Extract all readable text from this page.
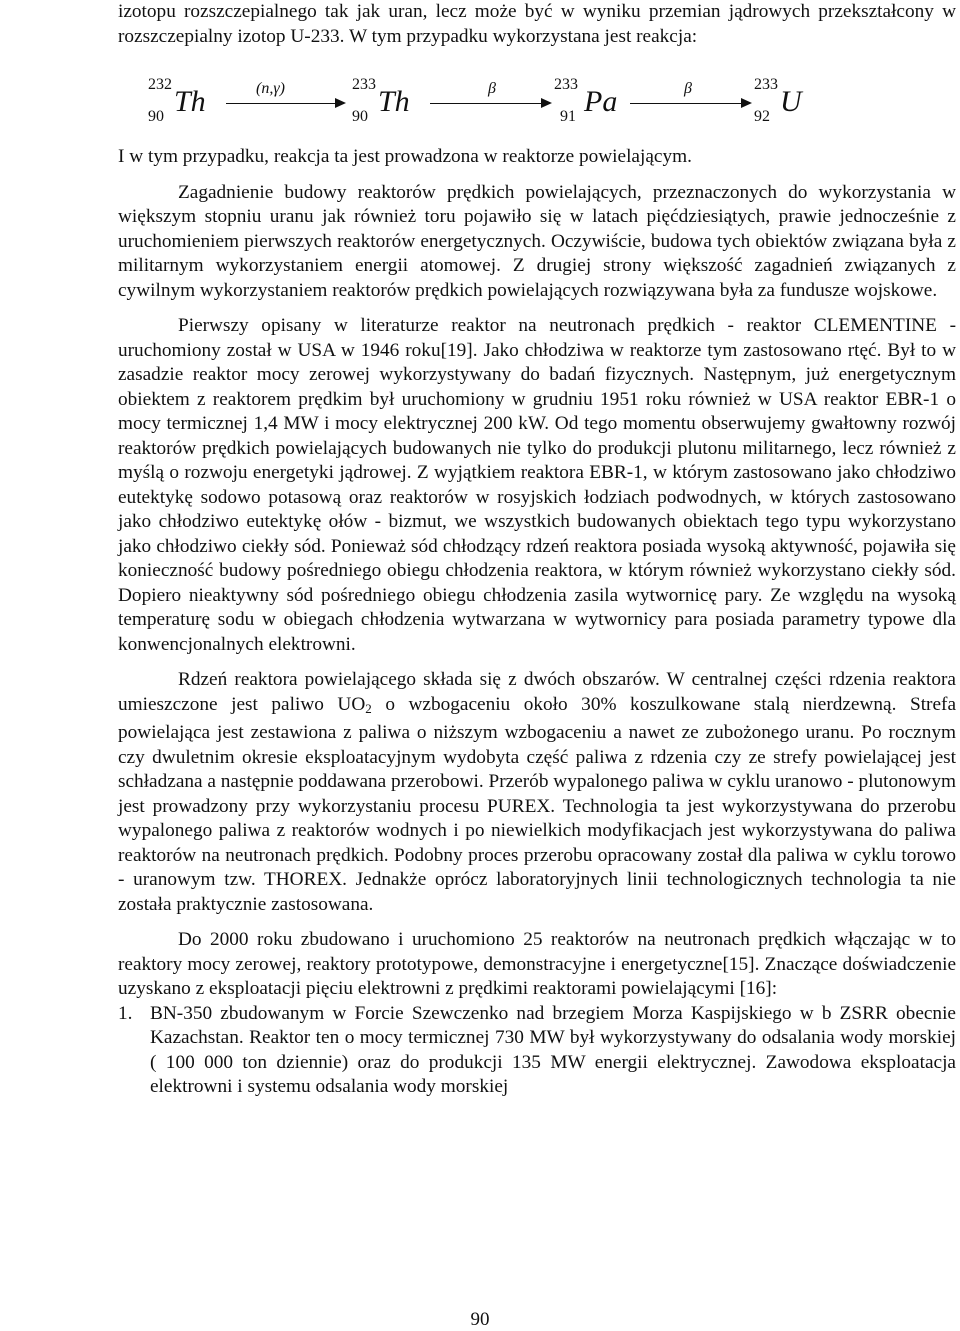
izotopu rozszczepialnego tak jak uran, lecz może być w wyniku przemian jądrowych przekształcony w rozszczepialny izotop U-233. W tym przypadku wykorzystana jest reakcja:

232
90 Th	(n,γ)	233
90 Th	β	233
91 Pa	β	233
92 U

I w tym przypadku, reakcja ta jest prowadzona w reaktorze powielającym.

Zagadnienie budowy reaktorów prędkich powielających, przeznaczonych do wykorzystania w większym stopniu uranu jak również toru pojawiło się w latach pięćdziesiątych, prawie jednocześnie z uruchomieniem pierwszych reaktorów energetycznych. Oczywiście, budowa tych obiektów związana była z militarnym wykorzystaniem energii atomowej. Z drugiej strony większość zagadnień związanych z cywilnym wykorzystaniem reaktorów prędkich powielających rozwiązywana była za fundusze wojskowe.

Pierwszy opisany w literaturze reaktor na neutronach prędkich - reaktor CLEMENTINE - uruchomiony został w USA w 1946 roku[19]. Jako chłodziwa w reaktorze tym zastosowano rtęć. Był to w zasadzie reaktor mocy zerowej wykorzystywany do badań fizycznych. Następnym, już energetycznym obiektem z reaktorem prędkim był uruchomiony w grudniu 1951 roku również w USA reaktor EBR-1 o mocy termicznej 1,4 MW i mocy elektrycznej 200 kW. Od tego momentu obserwujemy gwałtowny rozwój reaktorów prędkich powielających budowanych nie tylko do produkcji plutonu militarnego, lecz również z myślą o rozwoju energetyki jądrowej. Z wyjątkiem reaktora EBR-1, w którym zastosowano jako chłodziwo eutektykę sodowo potasową oraz reaktorów w rosyjskich łodziach podwodnych, w których zastosowano jako chłodziwo eutektykę ołów - bizmut, we wszystkich budowanych obiektach tego typu wykorzystano jako chłodziwo ciekły sód. Ponieważ sód chłodzący rdzeń reaktora posiada wysoką aktywność, pojawiła się konieczność budowy pośredniego obiegu chłodzenia reaktora, w którym również wykorzystano ciekły sód. Dopiero nieaktywny sód pośredniego obiegu chłodzenia zasila wytwornicę pary. Ze względu na wysoką temperaturę sodu w obiegach chłodzenia wytwarzana w wytwornicy para posiada parametry typowe dla konwencjonalnych elektrowni.

Rdzeń reaktora powielającego składa się z dwóch obszarów. W centralnej części rdzenia reaktora umieszczone jest paliwo $UO_2$ o wzbogaceniu około 30% koszulkowane stalą nierdzewną. Strefa powielająca jest zestawiona z paliwa o niższym wzbogaceniu a nawet ze zubożonego uranu. Po rocznym czy dwuletnim okresie eksploatacyjnym wydobyta część paliwa z rdzenia czy ze strefy powielającej jest schładzana a następnie poddawana przerobowi. Przerób wypalonego paliwa w cyklu uranowo - plutonowym jest prowadzony przy wykorzystaniu procesu PUREX. Technologia ta jest wykorzystywana do przerobu wypalonego paliwa z reaktorów wodnych i po niewielkich modyfikacjach jest wykorzystywana do paliwa reaktorów na neutronach prędkich. Podobny proces przerobu opracowany został dla paliwa w cyklu torowo - uranowym tzw. THOREX. Jednakże oprócz laboratoryjnych linii technologicznych technologia ta nie została praktycznie zastosowana.

Do 2000 roku zbudowano i uruchomiono 25 reaktorów na neutronach prędkich włączając w to reaktory mocy zerowej, reaktory prototypowe, demonstracyjne i energetyczne[15]. Znaczące doświadczenie uzyskano z eksploatacji pięciu elektrowni z prędkimi reaktorami powielającymi [16]:

1. BN-350 zbudowanym w Forcie Szewczenko nad brzegiem Morza Kaspijskiego w b ZSRR obecnie Kazachstan. Reaktor ten o mocy termicznej 730 MW był wykorzystywany do odsalania wody morskiej ( 100 000 ton dziennie) oraz do produkcji 135 MW energii elektrycznej. Zawodowa eksploatacja elektrowni i systemu odsalania wody morskiej
90
